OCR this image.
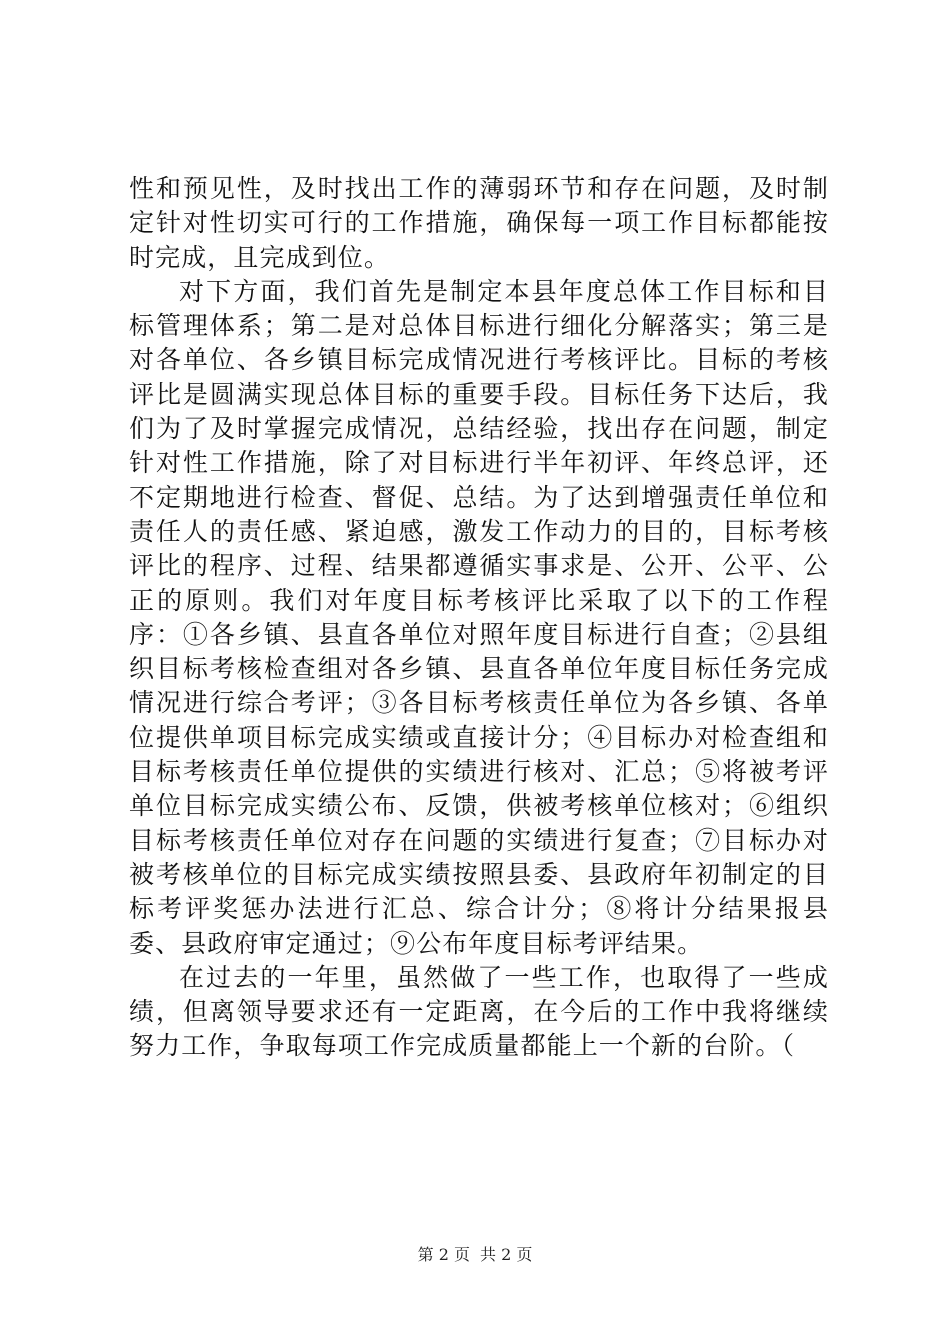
性和预见性，及时找出工作的薄弱环节和存在问题，及时制定针对性切实可行的工作措施，确保每一项工作目标都能按时完成，且完成到位。

对下方面，我们首先是制定本县年度总体工作目标和目标管理体系；第二是对总体目标进行细化分解落实；第三是对各单位、各乡镇目标完成情况进行考核评比。目标的考核评比是圆满实现总体目标的重要手段。目标任务下达后，我们为了及时掌握完成情况，总结经验，找出存在问题，制定针对性工作措施，除了对目标进行半年初评、年终总评，还不定期地进行检查、督促、总结。为了达到增强责任单位和责任人的责任感、紧迫感，激发工作动力的目的，目标考核评比的程序、过程、结果都遵循实事求是、公开、公平、公正的原则。我们对年度目标考核评比采取了以下的工作程序：①各乡镇、县直各单位对照年度目标进行自查；②县组织目标考核检查组对各乡镇、县直各单位年度目标任务完成情况进行综合考评；③各目标考核责任单位为各乡镇、各单位提供单项目标完成实绩或直接计分；④目标办对检查组和目标考核责任单位提供的实绩进行核对、汇总；⑤将被考评单位目标完成实绩公布、反馈，供被考核单位核对；⑥组织目标考核责任单位对存在问题的实绩进行复查；⑦目标办对被考核单位的目标完成实绩按照县委、县政府年初制定的目标考评奖惩办法进行汇总、综合计分；⑧将计分结果报县委、县政府审定通过；⑨公布年度目标考评结果。

在过去的一年里，虽然做了一些工作，也取得了一些成绩，但离领导要求还有一定距离，在今后的工作中我将继续努力工作，争取每项工作完成质量都能上一个新的台阶。（

第 2 页 共 2 页
